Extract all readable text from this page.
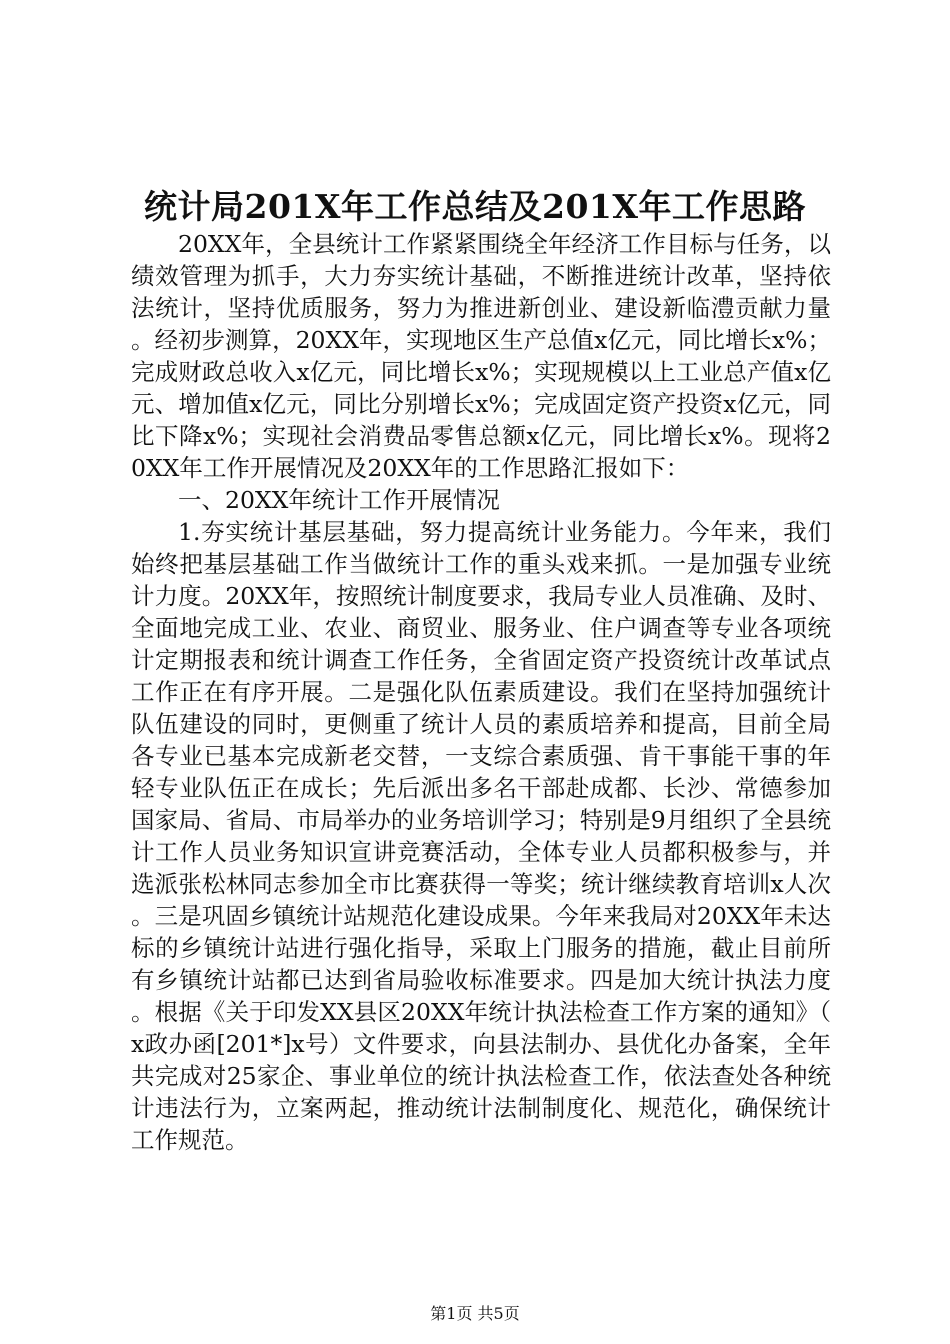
统计局201X年工作总结及201X年工作思路

20XX年，全县统计工作紧紧围绕全年经济工作目标与任务，以绩效管理为抓手，大力夯实统计基础，不断推进统计改革，坚持依法统计，坚持优质服务，努力为推进新创业、建设新临澧贡献力量。经初步测算，20XX年，实现地区生产总值x亿元，同比增长x%；完成财政总收入x亿元，同比增长x%；实现规模以上工业总产值x亿元、增加值x亿元，同比分别增长x%；完成固定资产投资x亿元，同比下降x%；实现社会消费品零售总额x亿元，同比增长x%。现将20XX年工作开展情况及20XX年的工作思路汇报如下：

一、20XX年统计工作开展情况

1.夯实统计基层基础，努力提高统计业务能力。今年来，我们始终把基层基础工作当做统计工作的重头戏来抓。一是加强专业统计力度。20XX年，按照统计制度要求，我局专业人员准确、及时、全面地完成工业、农业、商贸业、服务业、住户调查等专业各项统计定期报表和统计调查工作任务，全省固定资产投资统计改革试点工作正在有序开展。二是强化队伍素质建设。我们在坚持加强统计队伍建设的同时，更侧重了统计人员的素质培养和提高，目前全局各专业已基本完成新老交替，一支综合素质强、肯干事能干事的年轻专业队伍正在成长；先后派出多名干部赴成都、长沙、常德参加国家局、省局、市局举办的业务培训学习；特别是9月组织了全县统计工作人员业务知识宣讲竞赛活动，全体专业人员都积极参与，并选派张松林同志参加全市比赛获得一等奖；统计继续教育培训x人次。三是巩固乡镇统计站规范化建设成果。今年来我局对20XX年未达标的乡镇统计站进行强化指导，采取上门服务的措施，截止目前所有乡镇统计站都已达到省局验收标准要求。四是加大统计执法力度。根据《关于印发XX县区20XX年统计执法检查工作方案的通知》（x政办函[201*]x号）文件要求，向县法制办、县优化办备案，全年共完成对25家企、事业单位的统计执法检查工作，依法查处各种统计违法行为，立案两起，推动统计法制制度化、规范化，确保统计工作规范。

第1页 共5页
